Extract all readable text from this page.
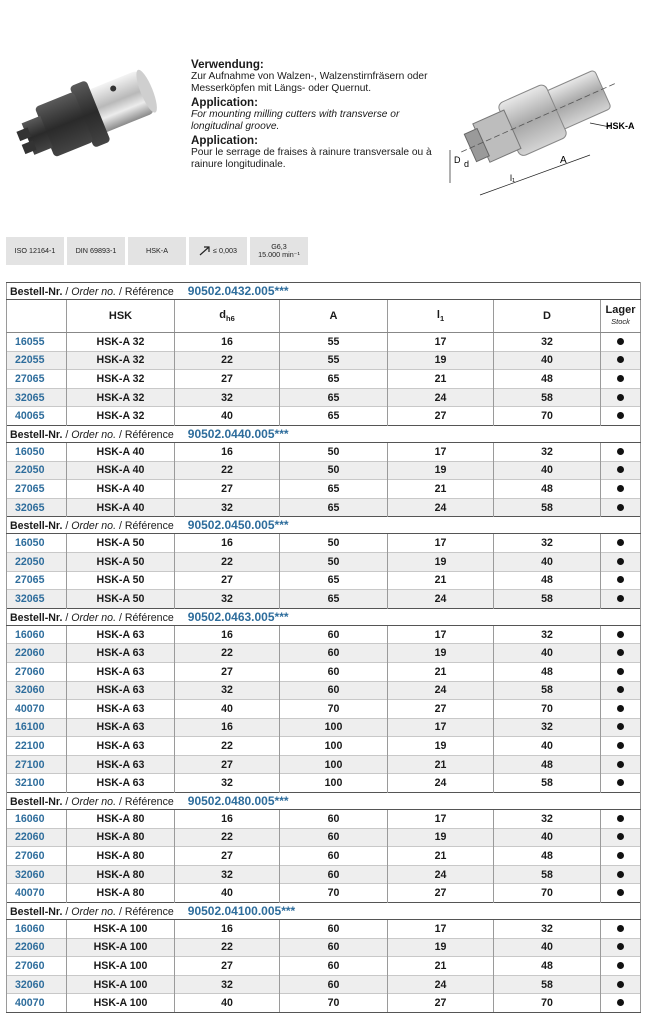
Verwendung:
Zur Aufnahme von Walzen-, Walzenstirnfräsern oder Messerköpfen mit Längs- oder Quernut.
Application:
For mounting milling cutters with transverse or longitudinal groove.
Application:
Pour le serrage de fraises à rainure transversale ou à rainure longitudinale.
HSK-A
A
l₁
D d
ISO 12164-1	DIN 69893-1	HSK-A	≤ 0,003	G6,3
15.000 min⁻¹
Bestell-Nr. / Order no. / Référence 90502.0432.005***						
	HSK	$d_{h6}$	A	$l_1$	D	Lager
Stock

16055	HSK-A 32	16	55	17	32	
22055	HSK-A 32	22	55	19	40	
27065	HSK-A 32	27	65	21	48	
32065	HSK-A 32	32	65	24	58	
40065	HSK-A 32	40	65	27	70	
Bestell-Nr. / Order no. / Référence 90502.0440.005***						
16050	HSK-A 40	16	50	17	32	
22050	HSK-A 40	22	50	19	40	
27065	HSK-A 40	27	65	21	48	
32065	HSK-A 40	32	65	24	58	
Bestell-Nr. / Order no. / Référence 90502.0450.005***						
16050	HSK-A 50	16	50	17	32	
22050	HSK-A 50	22	50	19	40	
27065	HSK-A 50	27	65	21	48	
32065	HSK-A 50	32	65	24	58	
Bestell-Nr. / Order no. / Référence 90502.0463.005***						
16060	HSK-A 63	16	60	17	32	
22060	HSK-A 63	22	60	19	40	
27060	HSK-A 63	27	60	21	48	
32060	HSK-A 63	32	60	24	58	
40070	HSK-A 63	40	70	27	70	
16100	HSK-A 63	16	100	17	32	
22100	HSK-A 63	22	100	19	40	
27100	HSK-A 63	27	100	21	48	
32100	HSK-A 63	32	100	24	58	
Bestell-Nr. / Order no. / Référence 90502.0480.005***						
16060	HSK-A 80	16	60	17	32	
22060	HSK-A 80	22	60	19	40	
27060	HSK-A 80	27	60	21	48	
32060	HSK-A 80	32	60	24	58	
40070	HSK-A 80	40	70	27	70	
Bestell-Nr. / Order no. / Référence 90502.04100.005***						
16060	HSK-A 100	16	60	17	32	
22060	HSK-A 100	22	60	19	40	
27060	HSK-A 100	27	60	21	48	
32060	HSK-A 100	32	60	24	58	
40070	HSK-A 100	40	70	27	70	
